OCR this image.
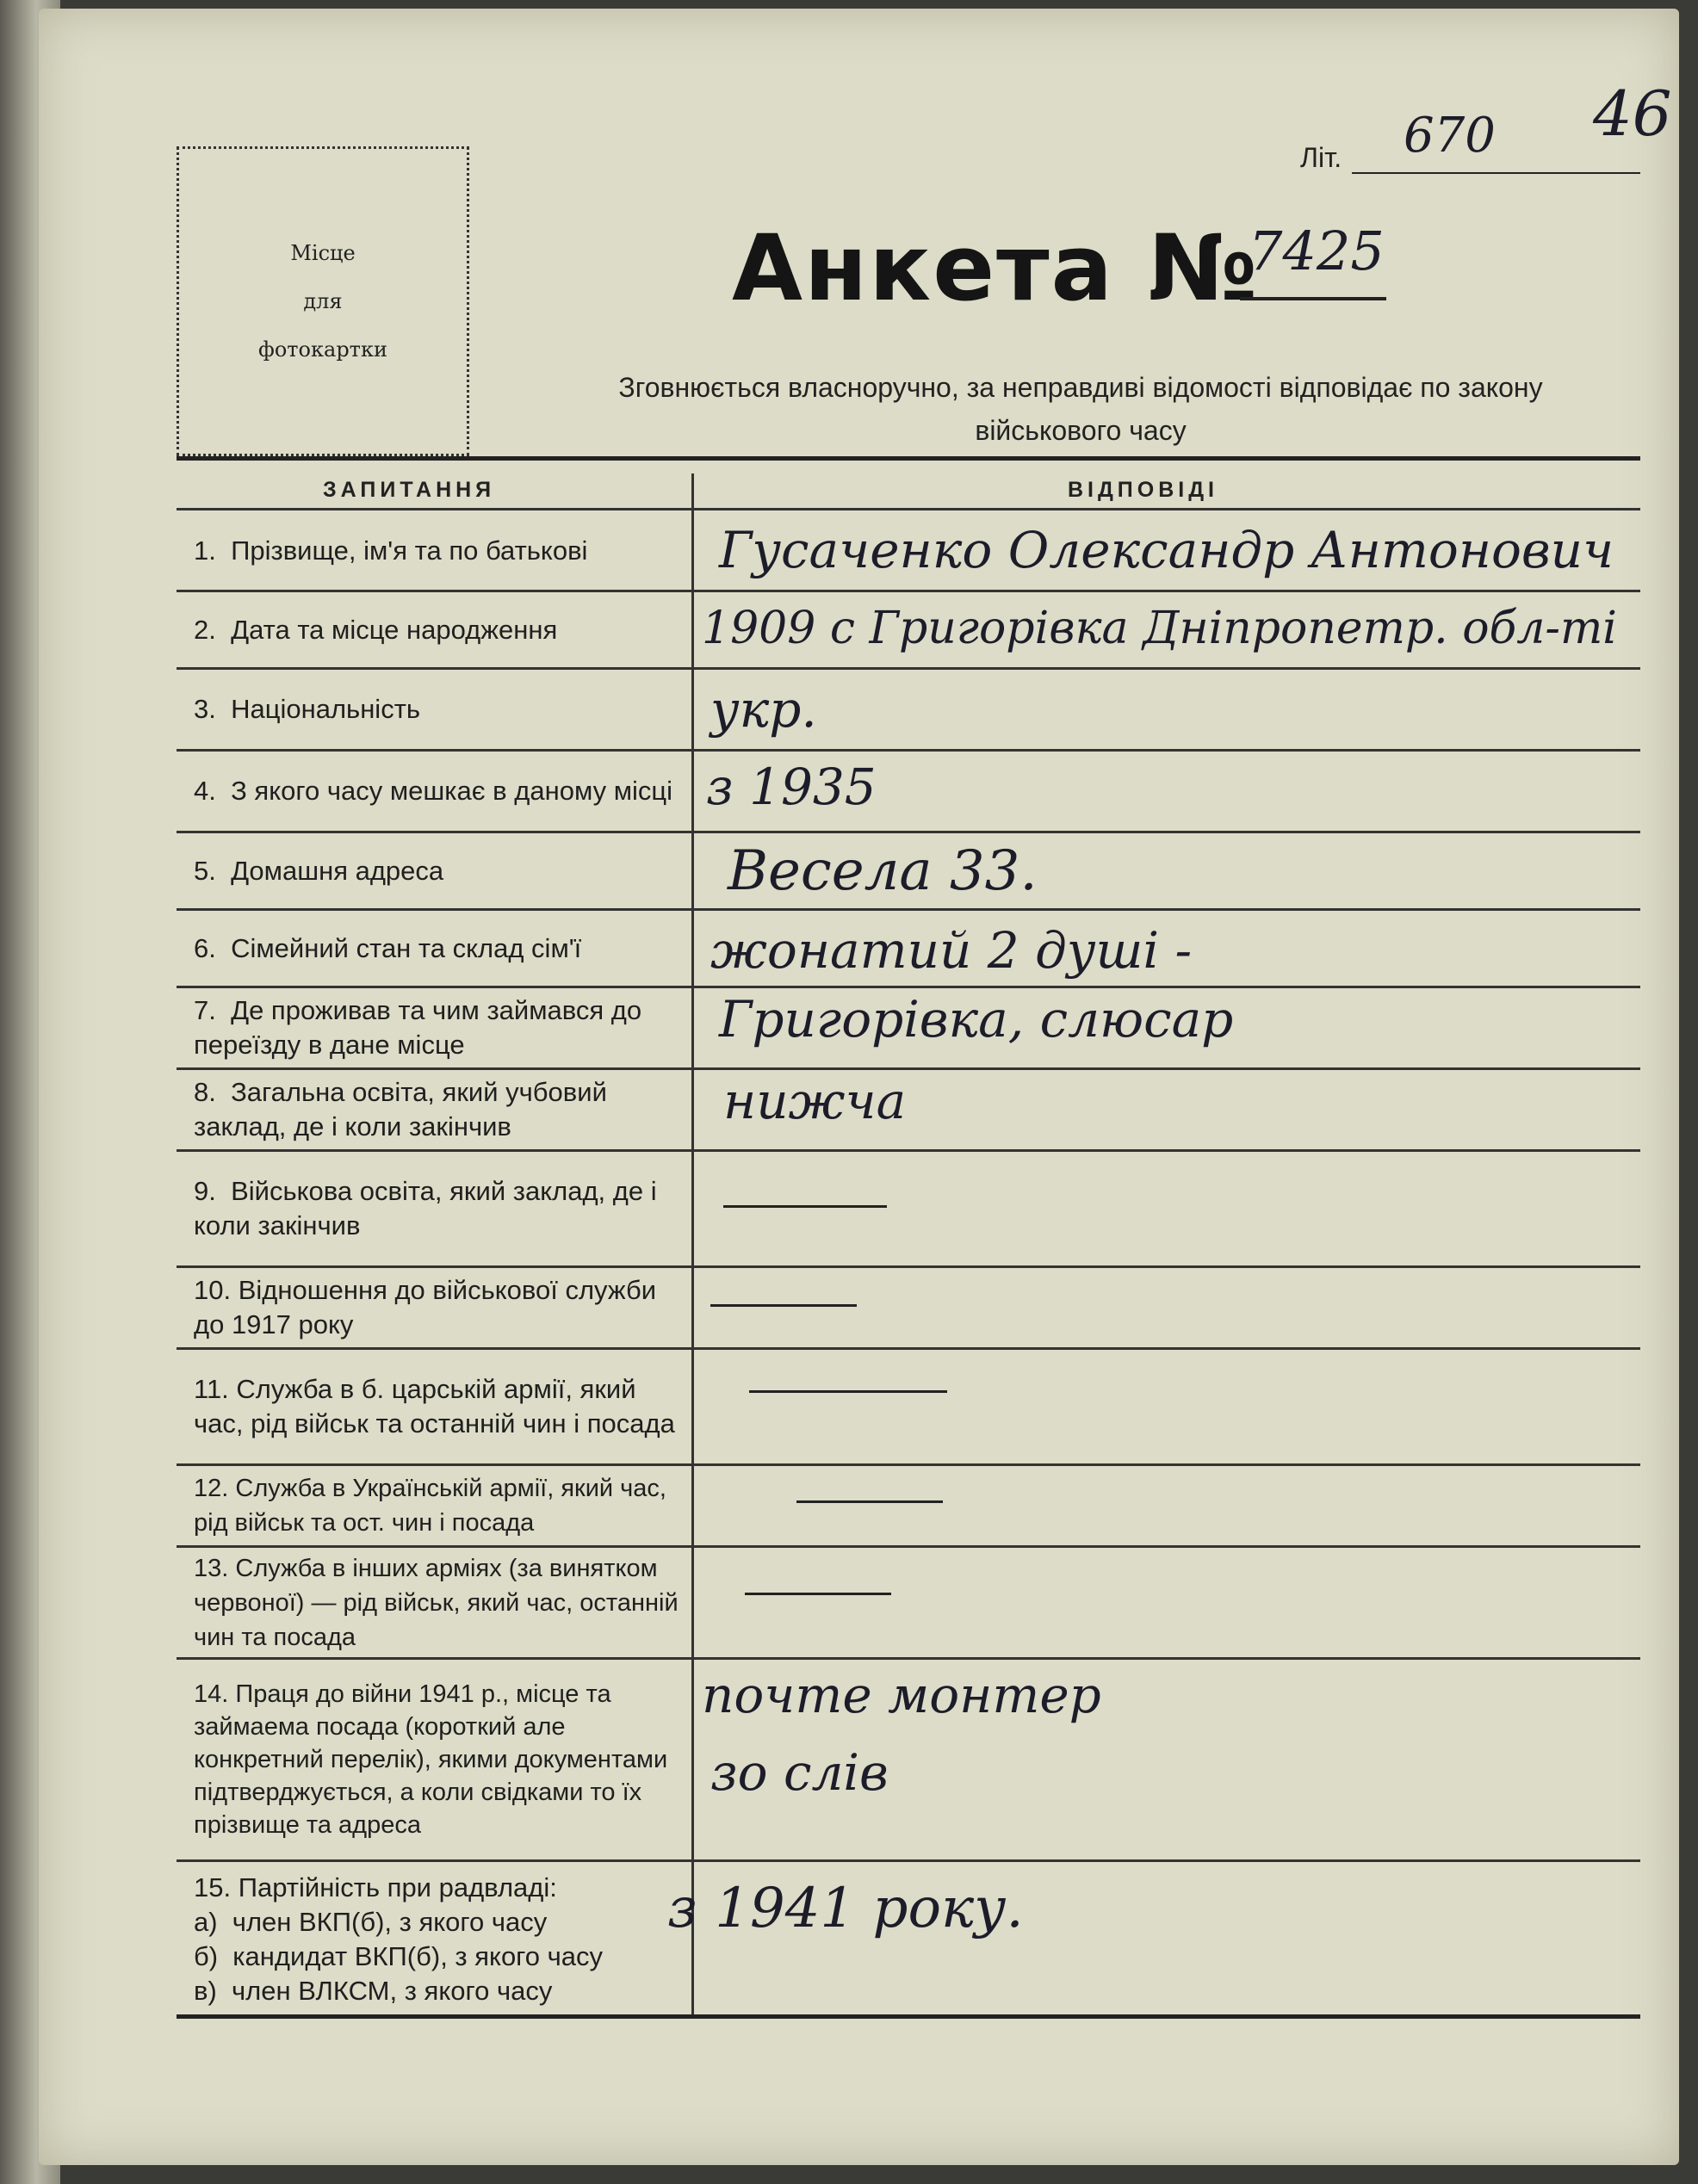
Місце
для
фотокартки
Літ. 670 46
Анкета №
7425
Зговнюється власноручно, за неправдиві відомості відповідає по закону
військового часу
ЗАПИТАННЯ	ВІДПОВІДІ
1.  Прізвище, ім'я та по батькові
2.  Дата та місце народження
3.  Національність
4.  З якого часу мешкає в даному місці
5.  Домашня адреса
6.  Сімейний стан та склад сім'ї
7.  Де проживав та чим займався до переїзду в дане місце
8.  Загальна освіта, який учбовий заклад, де і коли закінчив
9.  Військова освіта, який заклад, де і коли закінчив
10. Відношення до військової служби до 1917 року
11. Служба в б. царській армії, який час, рід військ та останній чин і посада
12. Служба в Українській армії, який час, рід військ та ост. чин і посада
13. Служба в інших арміях (за винятком червоної) — рід військ, який час, останній чин та посада
14. Праця до війни 1941 р., місце та займаема посада (короткий але конкретний перелік), якими документами підтверджується, а коли свідками то їх прізвище та адреса
15. Партійність при радвладі:
а)  член ВКП(б), з якого часу
б)  кандидат ВКП(б), з якого часу
в)  член ВЛКСМ, з якого часу
Гусаченко Олександр Антонович
1909 с Григорівка Дніпропетр. обл-ті
укр.
з 1935
Весела 33.
жонатий 2 душі -
Григорівка, слюсар
нижча
почте монтер
зо слів
з 1941 року.
